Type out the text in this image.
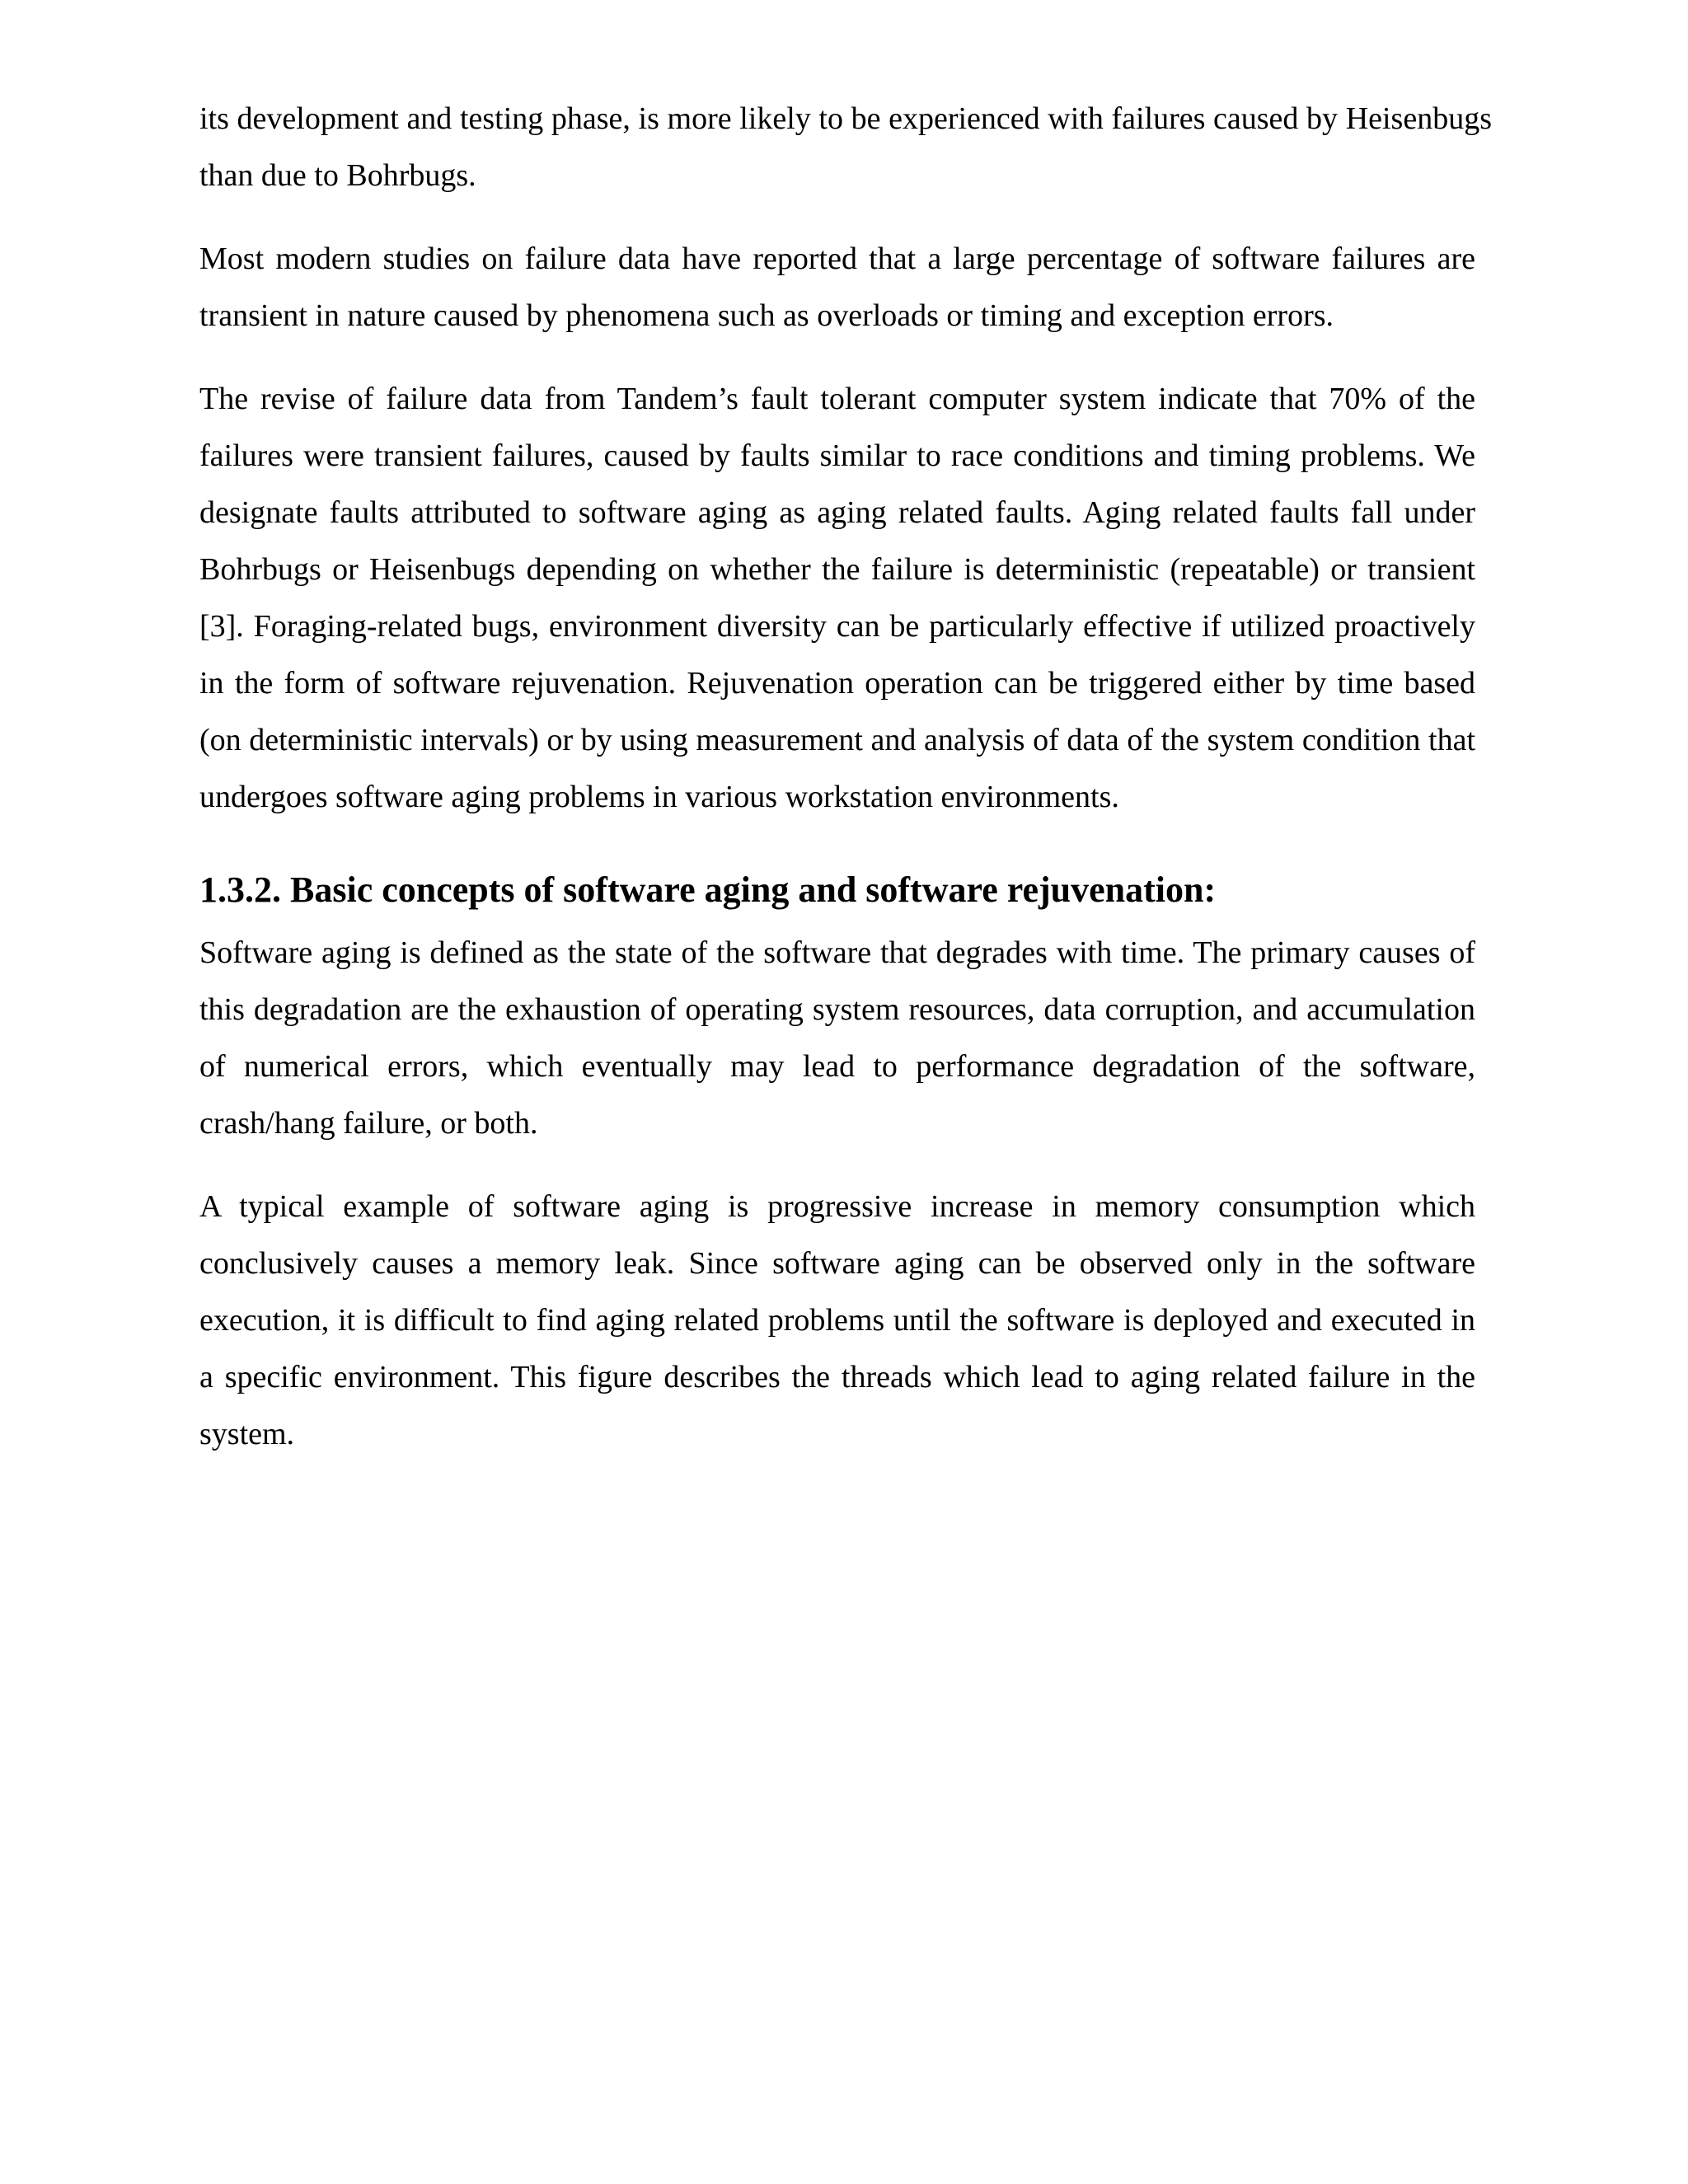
its development and testing phase, is more likely to be experienced with failures caused by Heisenbugs than due to Bohrbugs.

Most modern studies on failure data have reported that a large percentage of software failures are transient in nature caused by phenomena such as overloads or timing and exception errors.

The revise of failure data from Tandem’s fault tolerant computer system indicate that 70% of the failures were transient failures, caused by faults similar to race conditions and timing problems. We designate faults attributed to software aging as aging related faults. Aging related faults fall under Bohrbugs or Heisenbugs depending on whether the failure is deterministic (repeatable) or transient [3]. Foraging-related bugs, environment diversity can be particularly effective if utilized proactively in the form of software rejuvenation. Rejuvenation operation can be triggered either by time based (on deterministic intervals) or by using measurement and analysis of data of the system condition that undergoes software aging problems in various workstation environments.

1.3.2. Basic concepts of software aging and software rejuvenation:

Software aging is defined as the state of the software that degrades with time. The primary causes of this degradation are the exhaustion of operating system resources, data corruption, and accumulation of numerical errors, which eventually may lead to performance degradation of the software, crash/hang failure, or both.

A typical example of software aging is progressive increase in memory consumption which conclusively causes a memory leak. Since software aging can be observed only in the software execution, it is difficult to find aging related problems until the software is deployed and executed in a specific environment. This figure describes the threads which lead to aging related failure in the system.
